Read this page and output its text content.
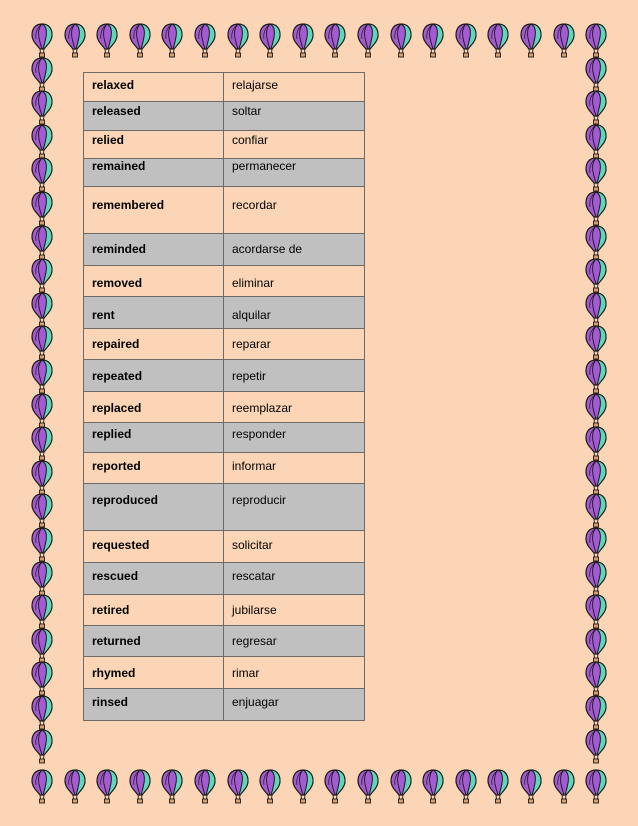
relaxed	relajarse
released	soltar
relied	confiar
remained	permanecer
remembered	recordar
reminded	acordarse de
removed	eliminar
rent	alquilar
repaired	reparar
repeated	repetir
replaced	reemplazar
replied	responder
reported	informar
reproduced	reproducir
requested	solicitar
rescued	rescatar
retired	jubilarse
returned	regresar
rhymed	rimar
rinsed	enjuagar
